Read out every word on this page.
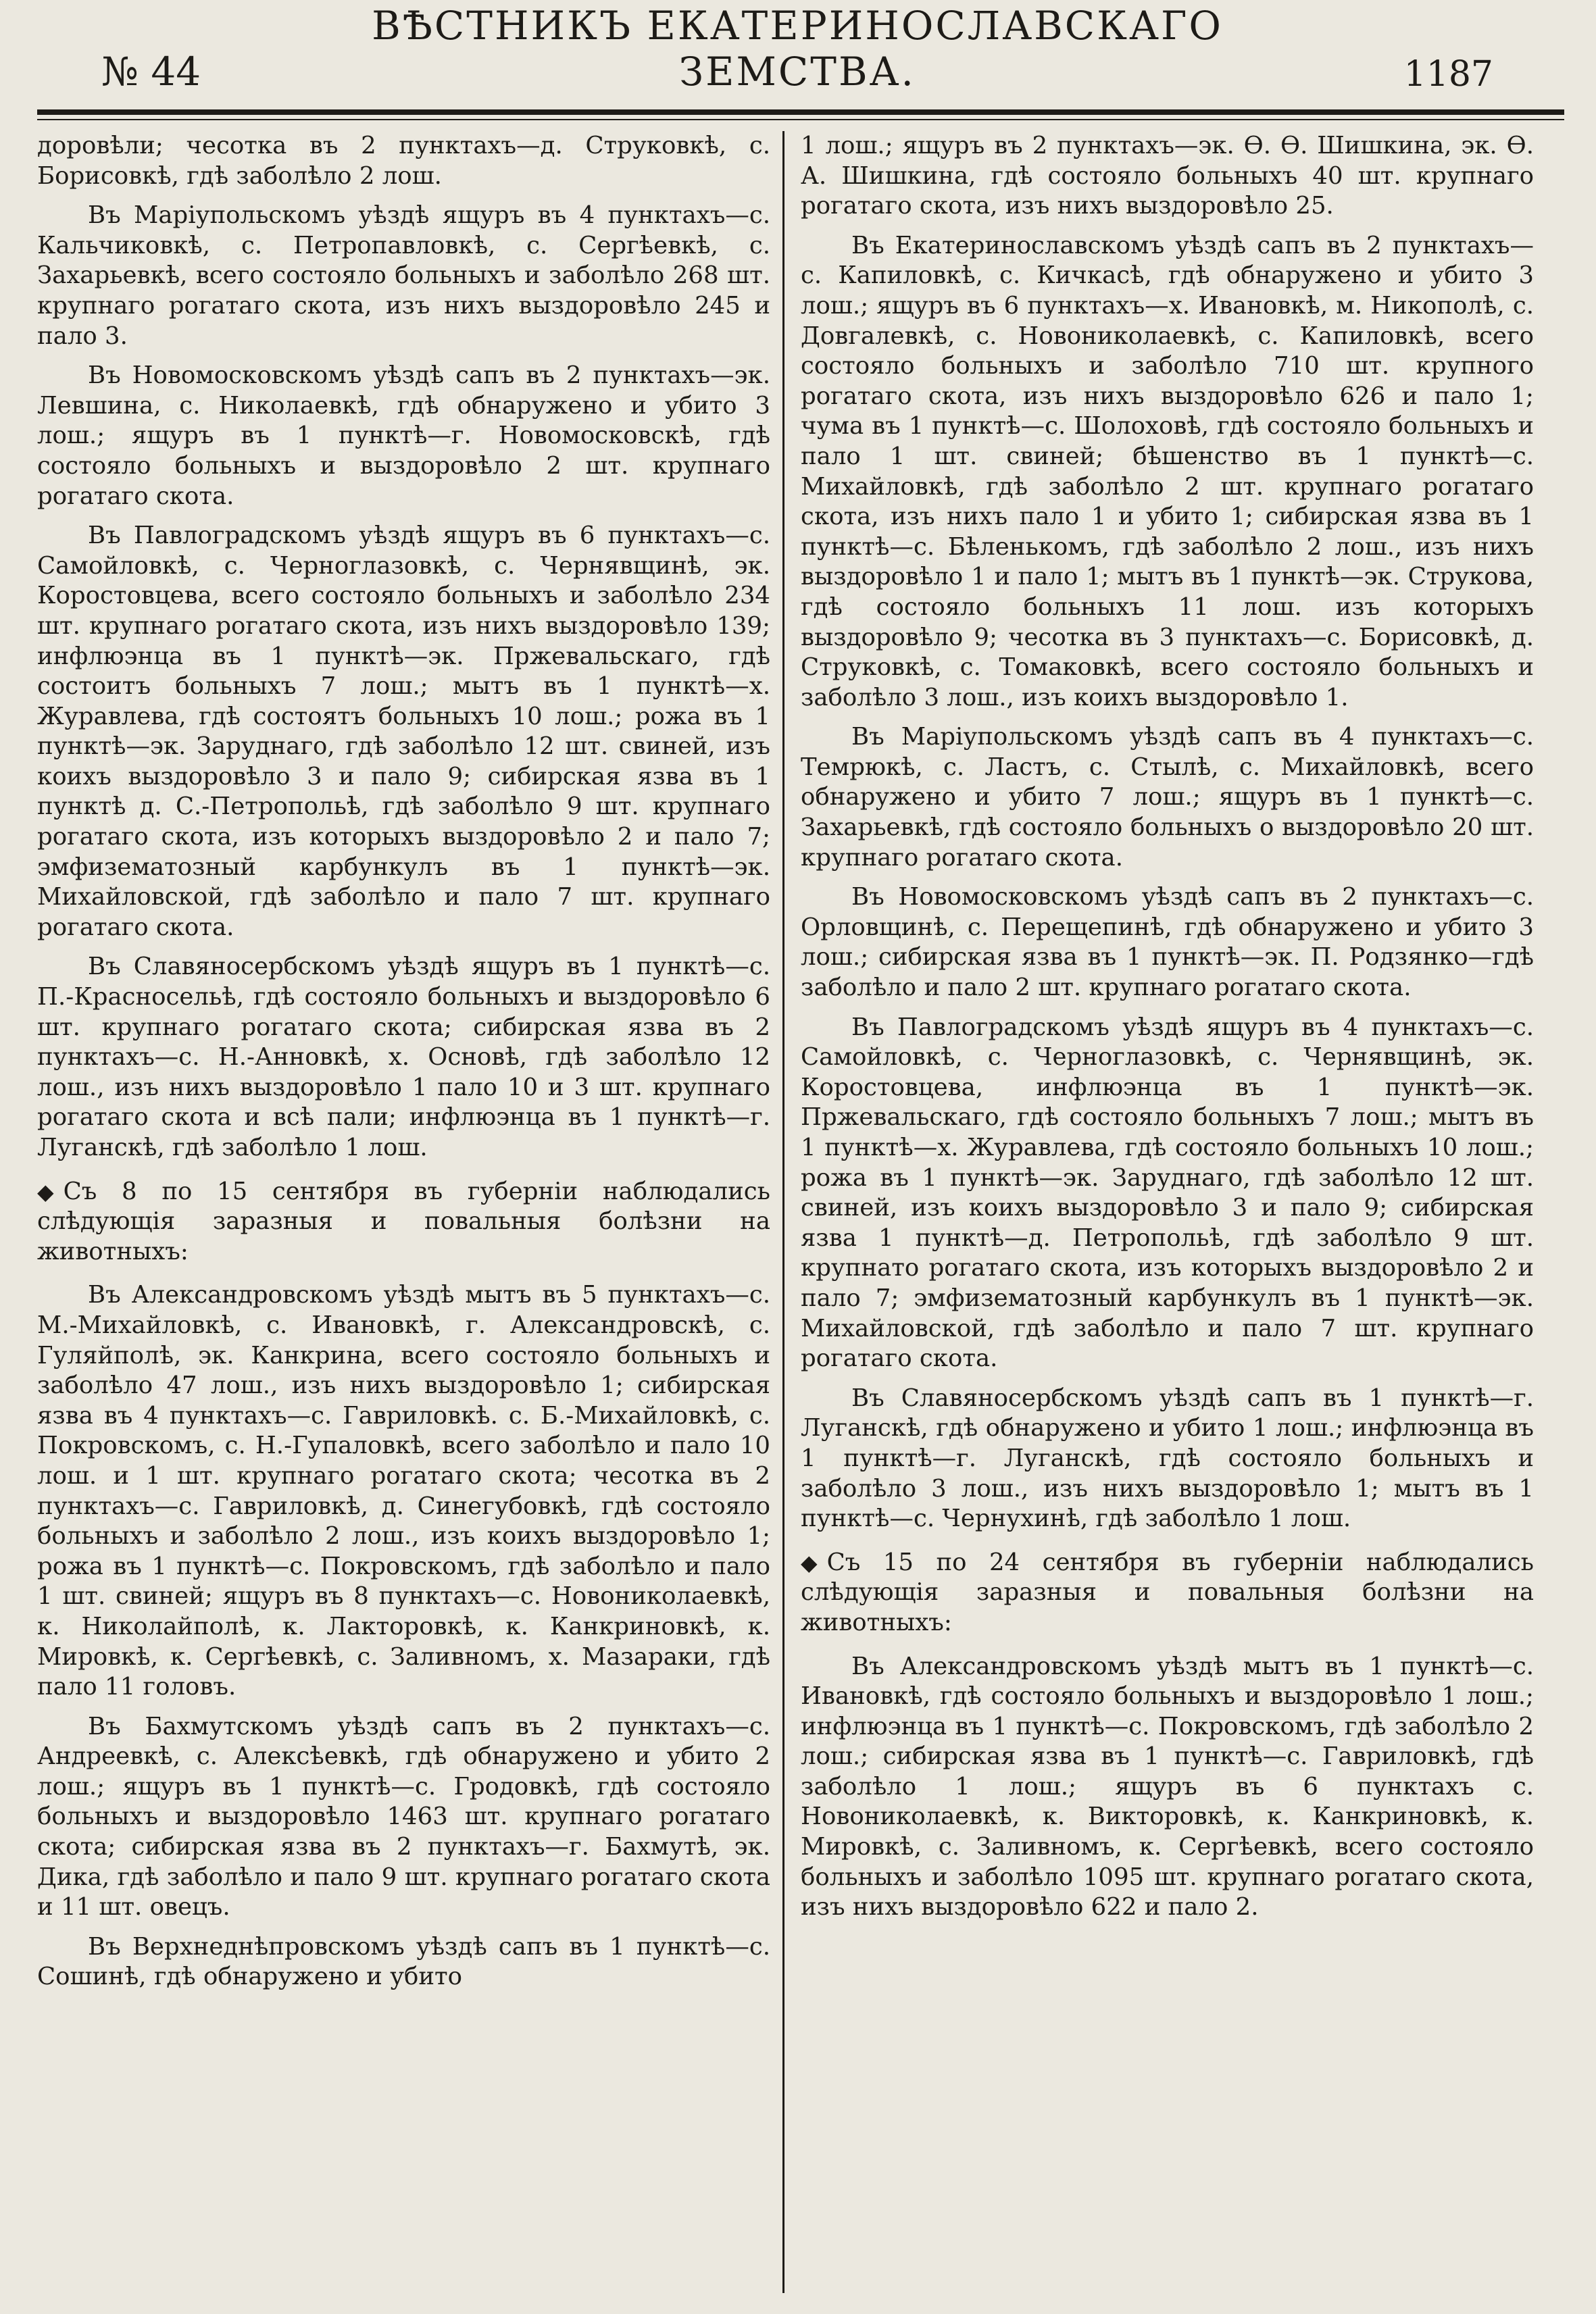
№ 44
ВѢСТНИКЪ ЕКАТЕРИНОСЛАВСКАГО ЗЕМСТВА.	1187

доровѣли; чесотка въ 2 пунктахъ—д. Струковкѣ, с. Борисовкѣ, гдѣ заболѣло 2 лош.

Въ Маріупольскомъ уѣздѣ ящуръ въ 4 пунктахъ—с. Кальчиковкѣ, с. Петропавловкѣ, с. Сергѣевкѣ, с. Захарьевкѣ, всего состояло больныхъ и заболѣло 268 шт. крупнаго рогатаго скота, изъ нихъ выздоровѣло 245 и пало 3.

Въ Новомосковскомъ уѣздѣ сапъ въ 2 пунктахъ—эк. Левшина, с. Николаевкѣ, гдѣ обнаружено и убито 3 лош.; ящуръ въ 1 пунктѣ—г. Новомосковскѣ, гдѣ состояло больныхъ и выздоровѣло 2 шт. крупнаго рогатаго скота.

Въ Павлоградскомъ уѣздѣ ящуръ въ 6 пунктахъ—с. Самойловкѣ, с. Черноглазовкѣ, с. Чернявщинѣ, эк. Коростовцева, всего состояло больныхъ и заболѣло 234 шт. крупнаго рогатаго скота, изъ нихъ выздоровѣло 139; инфлюэнца въ 1 пунктѣ—эк. Пржевальскаго, гдѣ состоитъ больныхъ 7 лош.; мытъ въ 1 пунктѣ—х. Журавлева, гдѣ состоятъ больныхъ 10 лош.; рожа въ 1 пунктѣ—эк. Заруднаго, гдѣ заболѣло 12 шт. свиней, изъ коихъ выздоровѣло 3 и пало 9; сибирская язва въ 1 пунктѣ д. С.-Петропольѣ, гдѣ заболѣло 9 шт. крупнаго рогатаго скота, изъ которыхъ выздоровѣло 2 и пало 7; эмфизематозный карбункулъ въ 1 пунктѣ—эк. Михайловской, гдѣ заболѣло и пало 7 шт. крупнаго рогатаго скота.

Въ Славяносербскомъ уѣздѣ ящуръ въ 1 пунктѣ—с. П.-Красносельѣ, гдѣ состояло больныхъ и выздоровѣло 6 шт. крупнаго рогатаго скота; сибирская язва въ 2 пунктахъ—с. Н.-Анновкѣ, х. Основѣ, гдѣ заболѣло 12 лош., изъ нихъ выздоровѣло 1 пало 10 и 3 шт. крупнаго рогатаго скота и всѣ пали; инфлюэнца въ 1 пунктѣ—г. Луганскѣ, гдѣ заболѣло 1 лош.

◆ Съ 8 по 15 сентября въ губерніи наблюдались слѣдующія заразныя и повальныя болѣзни на животныхъ:

Въ Александровскомъ уѣздѣ мытъ въ 5 пунктахъ—с. М.-Михайловкѣ, с. Ивановкѣ, г. Александровскѣ, с. Гуляйполѣ, эк. Канкрина, всего состояло больныхъ и заболѣло 47 лош., изъ нихъ выздоровѣло 1; сибирская язва въ 4 пунктахъ—с. Гавриловкѣ. с. Б.-Михайловкѣ, с. Покровскомъ, с. Н.-Гупаловкѣ, всего заболѣло и пало 10 лош. и 1 шт. крупнаго рогатаго скота; чесотка въ 2 пунктахъ—с. Гавриловкѣ, д. Синегубовкѣ, гдѣ состояло больныхъ и заболѣло 2 лош., изъ коихъ выздоровѣло 1; рожа въ 1 пунктѣ—с. Покровскомъ, гдѣ заболѣло и пало 1 шт. свиней; ящуръ въ 8 пунктахъ—с. Новониколаевкѣ, к. Николайполѣ, к. Лакторовкѣ, к. Канкриновкѣ, к. Мировкѣ, к. Сергѣевкѣ, с. Заливномъ, х. Мазараки, гдѣ пало 11 головъ.

Въ Бахмутскомъ уѣздѣ сапъ въ 2 пунктахъ—с. Андреевкѣ, с. Алексѣевкѣ, гдѣ обнаружено и убито 2 лош.; ящуръ въ 1 пунктѣ—с. Гродовкѣ, гдѣ состояло больныхъ и выздоровѣло 1463 шт. крупнаго рогатаго скота; сибирская язва въ 2 пунктахъ—г. Бахмутѣ, эк. Дика, гдѣ заболѣло и пало 9 шт. крупнаго рогатаго скота и 11 шт. овецъ.

Въ Верхнеднѣпровскомъ уѣздѣ сапъ въ 1 пунктѣ—с. Сошинѣ, гдѣ обнаружено и убито

1 лош.; ящуръ въ 2 пунктахъ—эк. Ѳ. Ѳ. Шишкина, эк. Ѳ. А. Шишкина, гдѣ состояло больныхъ 40 шт. крупнаго рогатаго скота, изъ нихъ выздоровѣло 25.

Въ Екатеринославскомъ уѣздѣ сапъ въ 2 пунктахъ—с. Капиловкѣ, с. Кичкасѣ, гдѣ обнаружено и убито 3 лош.; ящуръ въ 6 пунктахъ—х. Ивановкѣ, м. Никополѣ, с. Довгалевкѣ, с. Новониколаевкѣ, с. Капиловкѣ, всего состояло больныхъ и заболѣло 710 шт. крупного рогатаго скота, изъ нихъ выздоровѣло 626 и пало 1; чума въ 1 пунктѣ—с. Шолоховѣ, гдѣ состояло больныхъ и пало 1 шт. свиней; бѣшенство въ 1 пунктѣ—с. Михайловкѣ, гдѣ заболѣло 2 шт. крупнаго рогатаго скота, изъ нихъ пало 1 и убито 1; сибирская язва въ 1 пунктѣ—с. Бѣленькомъ, гдѣ заболѣло 2 лош., изъ нихъ выздоровѣло 1 и пало 1; мытъ въ 1 пунктѣ—эк. Струкова, гдѣ состояло больныхъ 11 лош. изъ которыхъ выздоровѣло 9; чесотка въ 3 пунктахъ—с. Борисовкѣ, д. Струковкѣ, с. Томаковкѣ, всего состояло больныхъ и заболѣло 3 лош., изъ коихъ выздоровѣло 1.

Въ Маріупольскомъ уѣздѣ сапъ въ 4 пунктахъ—с. Темрюкѣ, с. Ластъ, с. Стылѣ, с. Михайловкѣ, всего обнаружено и убито 7 лош.; ящуръ въ 1 пунктѣ—с. Захарьевкѣ, гдѣ состояло больныхъ о выздоровѣло 20 шт. крупнаго рогатаго скота.

Въ Новомосковскомъ уѣздѣ сапъ въ 2 пунктахъ—с. Орловщинѣ, с. Перещепинѣ, гдѣ обнаружено и убито 3 лош.; сибирская язва въ 1 пунктѣ—эк. П. Родзянко—гдѣ заболѣло и пало 2 шт. крупнаго рогатаго скота.

Въ Павлоградскомъ уѣздѣ ящуръ въ 4 пунктахъ—с. Самойловкѣ, с. Черноглазовкѣ, с. Чернявщинѣ, эк. Коростовцева, инфлюэнца въ 1 пунктѣ—эк. Пржевальскаго, гдѣ состояло больныхъ 7 лош.; мытъ въ 1 пунктѣ—х. Журавлева, гдѣ состояло больныхъ 10 лош.; рожа въ 1 пунктѣ—эк. Заруднаго, гдѣ заболѣло 12 шт. свиней, изъ коихъ выздоровѣло 3 и пало 9; сибирская язва 1 пунктѣ—д. Петропольѣ, гдѣ заболѣло 9 шт. крупнато рогатаго скота, изъ которыхъ выздоровѣло 2 и пало 7; эмфизематозный карбункулъ въ 1 пунктѣ—эк. Михайловской, гдѣ заболѣло и пало 7 шт. крупнаго рогатаго скота.

Въ Славяносербскомъ уѣздѣ сапъ въ 1 пунктѣ—г. Луганскѣ, гдѣ обнаружено и убито 1 лош.; инфлюэнца въ 1 пунктѣ—г. Луганскѣ, гдѣ состояло больныхъ и заболѣло 3 лош., изъ нихъ выздоровѣло 1; мытъ въ 1 пунктѣ—с. Чернухинѣ, гдѣ заболѣло 1 лош.

◆ Съ 15 по 24 сентября въ губерніи наблюдались слѣдующія заразныя и повальныя болѣзни на животныхъ:

Въ Александровскомъ уѣздѣ мытъ въ 1 пунктѣ—с. Ивановкѣ, гдѣ состояло больныхъ и выздоровѣло 1 лош.; инфлюэнца въ 1 пунктѣ—с. Покровскомъ, гдѣ заболѣло 2 лош.; сибирская язва въ 1 пунктѣ—с. Гавриловкѣ, гдѣ заболѣло 1 лош.; ящуръ въ 6 пунктахъ с. Новониколаевкѣ, к. Викторовкѣ, к. Канкриновкѣ, к. Мировкѣ, с. Заливномъ, к. Сергѣевкѣ, всего состояло больныхъ и заболѣло 1095 шт. крупнаго рогатаго скота, изъ нихъ выздоровѣло 622 и пало 2.
